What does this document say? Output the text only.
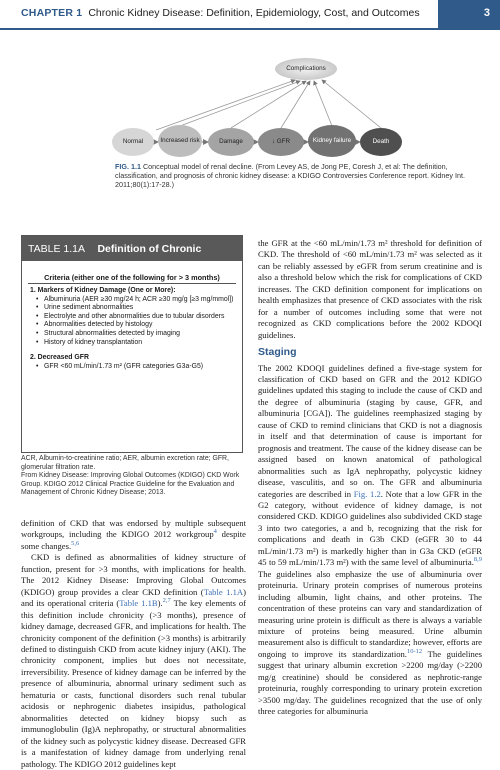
CHAPTER 1 Chronic Kidney Disease: Definition, Epidemiology, Cost, and Outcomes	3
Complications
Normal	Increased risk	Damage	↓ GFR	Kidney failure	Death
FIG. 1.1 Conceptual model of renal decline. (From Levey AS, de Jong PE, Coresh J, et al: The definition, classification, and prognosis of chronic kidney disease: a KDIGO Controversies Conference report. Kidney Int. 2011;80(1):17-28.)
TABLE 1.1A Definition of Chronic Kidney Disease
Criteria (either one of the following for > 3 months)
1. Markers of Kidney Damage (One or More):
• Albuminuria (AER ≥30 mg/24 h; ACR ≥30 mg/g [≥3 mg/mmol])
• Urine sediment abnormalities
• Electrolyte and other abnormalities due to tubular disorders
• Abnormalities detected by histology
• Structural abnormalities detected by imaging
• History of kidney transplantation
2. Decreased GFR
• GFR <60 mL/min/1.73 m² (GFR categories G3a-G5)
ACR, Albumin-to-creatinine ratio; AER, albumin excretion rate; GFR, glomerular filtration rate.
From Kidney Disease: Improving Global Outcomes (KDIGO) CKD Work Group. KDIGO 2012 Clinical Practice Guideline for the Evaluation and Management of Chronic Kidney Disease; 2013.

definition of CKD that was endorsed by multiple subsequent workgroups, including the KDIGO 2012 workgroup$^4$ despite some changes.$^{5,6}$

CKD is defined as abnormalities of kidney structure of function, present for >3 months, with implications for health. The 2012 Kidney Disease: Improving Global Outcomes (KDIGO) group provides a clear CKD definition (Table 1.1A) and its operational criteria (Table 1.1B).$^{2,7}$ The key elements of this definition include chronicity (>3 months), presence of kidney damage, decreased GFR, and implications for health. The chronicity component of the definition (>3 months) is arbitrarily defined to distinguish CKD from acute kidney injury (AKI). The chronicity component, implies but does not necessitate, irreversibility. Presence of kidney damage can be inferred by the presence of albuminuria, abnormal urinary sediment such as hematuria or casts, functional disorders such renal tubular acidosis or nephrogenic diabetes insipidus, pathological abnormalities detected on kidney biopsy such as immunoglobulin (Ig)A nephropathy, or structural abnormalities of the kidney such as polycystic kidney disease. Decreased GFR is a manifestation of kidney damage from underlying renal pathology. The KDIGO 2012 guidelines kept

the GFR at the <60 mL/min/1.73 m² threshold for definition of CKD. The threshold of <60 mL/min/1.73 m² was selected as it can be reliably assessed by eGFR from serum creatinine and is also a threshold below which the risk for complications of CKD increases. The CKD definition component for implications on health emphasizes that presence of CKD associates with the risk for a number of outcomes including some that were not recognized as CKD complications before the 2002 KDOQI guidelines.

Staging

The 2002 KDOQI guidelines defined a five-stage system for classification of CKD based on GFR and the 2012 KDIGO guidelines updated this staging to include the cause of CKD and the degree of albuminuria (staging by cause, GFR, and albuminuria [CGA]). The guidelines reemphasized staging by cause of CKD to remind clinicians that CKD is not a diagnosis in itself and that determination of cause is important for prognosis and treatment. The cause of the kidney disease can be assigned based on known anatomical of pathological abnormalities such as IgA nephropathy, polycystic kidney disease, vasculitis, and so on. The GFR and albuminuria categories are described in Fig. 1.2. Note that a low GFR in the G2 category, without evidence of kidney damage, is not considered CKD. KDIGO guidelines also subdivided CKD stage 3 into two categories, a and b, recognizing that the risk for complications and death in G3b CKD (eGFR 30 to 44 mL/min/1.73 m²) is markedly higher than in G3a CKD (eGFR 45 to 59 mL/min/1.73 m²) with the same level of albuminuria.$^{8,9}$ The guidelines also emphasize the use of albuminuria over proteinuria. Urinary protein comprises of numerous proteins including albumin, light chains, and other proteins. The concentration of these proteins can vary and standardization of measuring urine protein is difficult as there is always a variable mixture of proteins being measured. Urine albumin measurement also is difficult to standardize; however, efforts are ongoing to improve its standardization.$^{10-12}$ The guidelines suggest that urinary albumin excretion >2200 mg/day (>2200 mg/g creatinine) should be considered as nephrotic-range proteinuria, roughly corresponding to urinary protein excretion >3500 mg/day. The guidelines recognized that the use of only three categories for albuminuria
